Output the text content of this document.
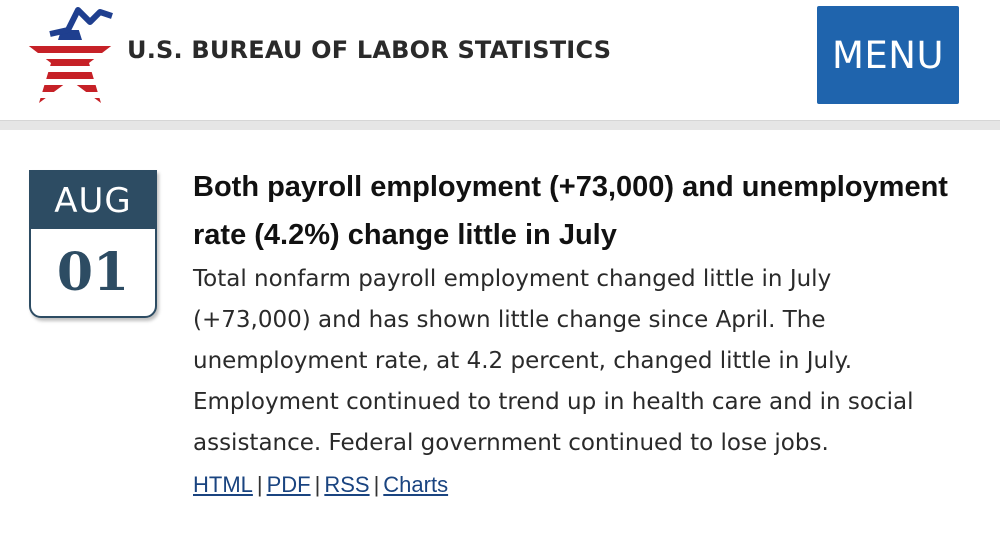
U.S. BUREAU OF LABOR STATISTICS	MENU
AUG
01
Both payroll employment (+73,000) and unemployment rate (4.2%) change little in July

Total nonfarm payroll employment changed little in July (+73,000) and has shown little change since April. The unemployment rate, at 4.2 percent, changed little in July. Employment continued to trend up in health care and in social assistance. Federal government continued to lose jobs.

HTML | PDF | RSS | Charts
